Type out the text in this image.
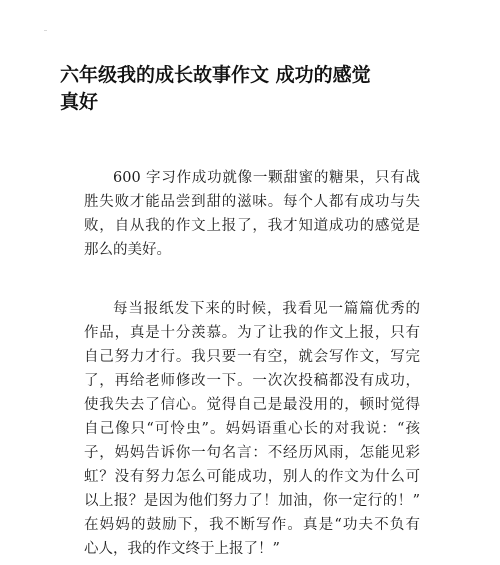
六年级我的成长故事作文 成功的感觉
真好
600 字习作成功就像一颗甜蜜的糖果，只有战
胜失败才能品尝到甜的滋味。每个人都有成功与失
败，自从我的作文上报了，我才知道成功的感觉是
那么的美好。
每当报纸发下来的时候，我看见一篇篇优秀的
作品，真是十分羡慕。为了让我的作文上报，只有
自己努力才行。我只要一有空，就会写作文，写完
了，再给老师修改一下。一次次投稿都没有成功，
使我失去了信心。觉得自己是最没用的，顿时觉得
自己像只“可怜虫”。妈妈语重心长的对我说：“孩
子，妈妈告诉你一句名言：不经历风雨，怎能见彩
虹？没有努力怎么可能成功，别人的作文为什么可
以上报？是因为他们努力了！加油，你一定行的！”
在妈妈的鼓励下，我不断写作。真是“功夫不负有
心人，我的作文终于上报了！”
